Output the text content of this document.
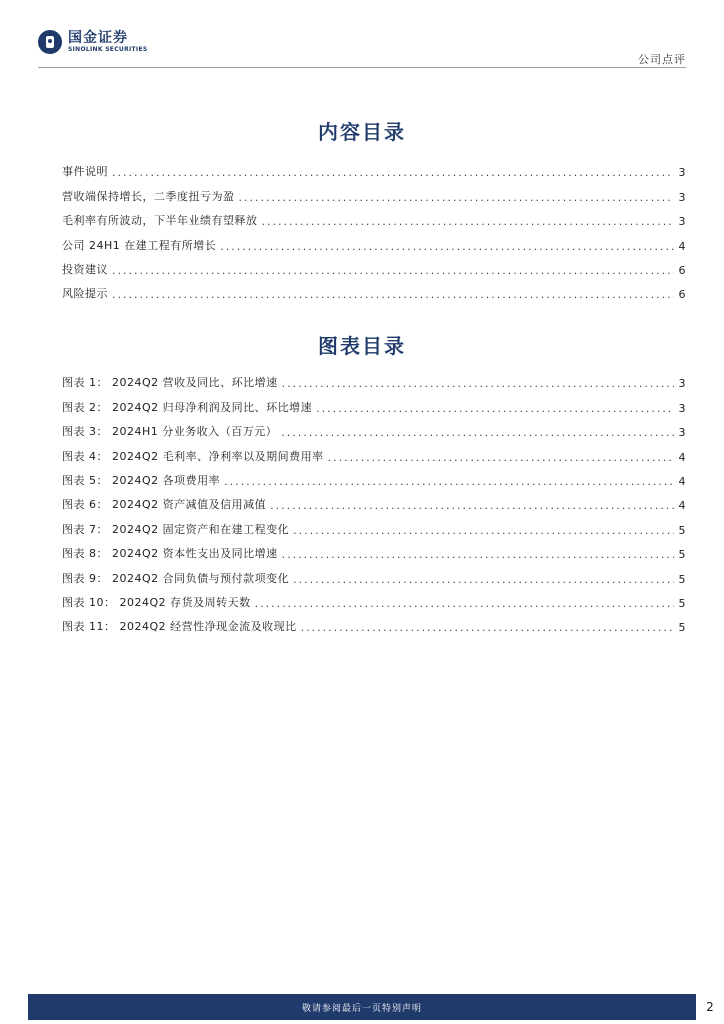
国金证券
SINOLINK SECURITIES
公司点评
内容目录
事件说明 .....	3
营收端保持增长，二季度扭亏为盈 .....	3
毛利率有所波动，下半年业绩有望释放 .....	3
公司 24H1 在建工程有所增长 .....	4
投资建议 .....	6
风险提示 .....	6
图表目录
图表 1： 2024Q2 营收及同比、环比增速 .....	3
图表 2： 2024Q2 归母净利润及同比、环比增速 .....	3
图表 3： 2024H1 分业务收入（百万元） .....	3
图表 4： 2024Q2 毛利率、净利率以及期间费用率 .....	4
图表 5： 2024Q2 各项费用率 .....	4
图表 6： 2024Q2 资产减值及信用减值 .....	4
图表 7： 2024Q2 固定资产和在建工程变化 .....	5
图表 8： 2024Q2 资本性支出及同比增速 .....	5
图表 9： 2024Q2 合同负债与预付款项变化 .....	5
图表 10： 2024Q2 存货及周转天数 .....	5
图表 11： 2024Q2 经营性净现金流及收现比 .....	5
敬请参阅最后一页特别声明	2
